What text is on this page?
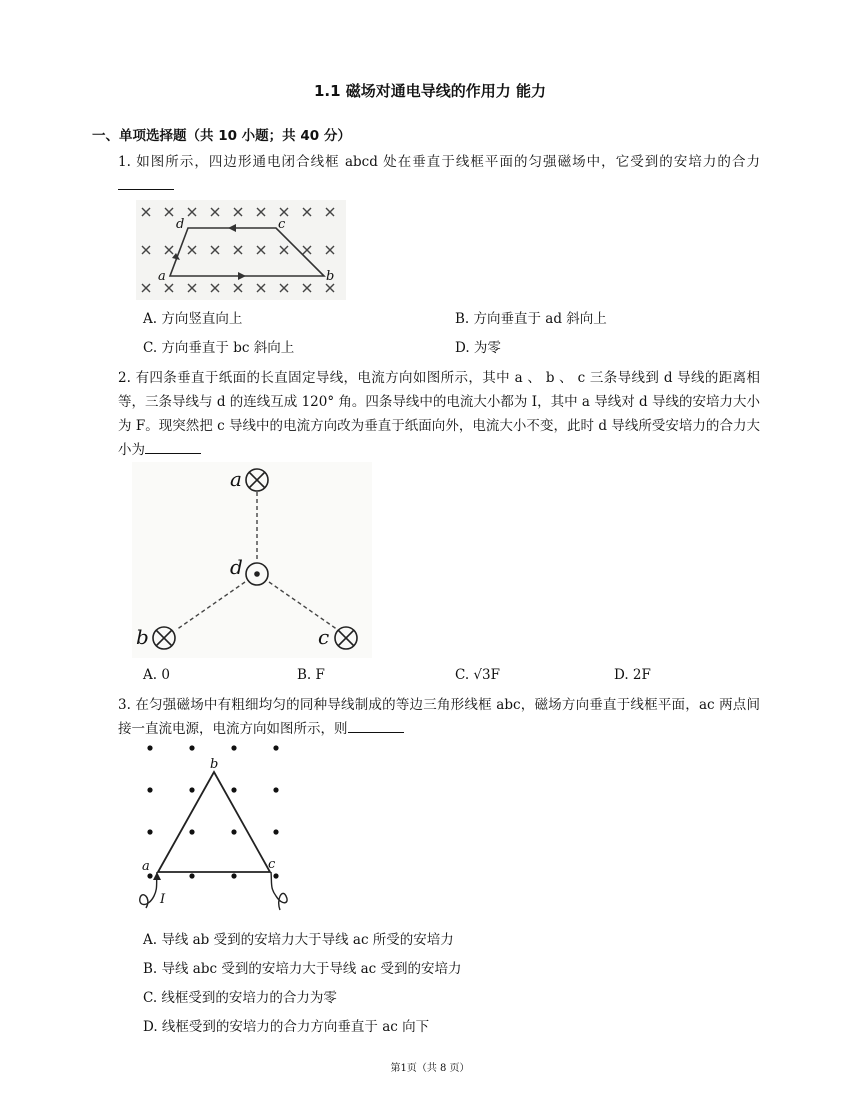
1.1 磁场对通电导线的作用力 能力
一、单项选择题（共 10 小题；共 40 分）
1. 如图所示，四边形通电闭合线框 abcd 处在垂直于线框平面的匀强磁场中，它受到的安培力的合力
a	b
c
d
A. 方向竖直向上	B. 方向垂直于 ad 斜向上
C. 方向垂直于 bc 斜向上	D. 为零
2. 有四条垂直于纸面的长直固定导线，电流方向如图所示，其中 a 、 b 、 c 三条导线到 d 导线的距离相等，三条导线与 d 的连线互成 120° 角。四条导线中的电流大小都为 I，其中 a 导线对 d 导线的安培力大小为 F。现突然把 c 导线中的电流方向改为垂直于纸面向外，电流大小不变，此时 d 导线所受安培力的合力大小为
a
d
b	c
A. 0	B. F	C. √3F	D. 2F
3. 在匀强磁场中有粗细均匀的同种导线制成的等边三角形线框 abc，磁场方向垂直于线框平面，ac 两点间接一直流电源，电流方向如图所示，则
b
a	c
I
A. 导线 ab 受到的安培力大于导线 ac 所受的安培力
B. 导线 abc 受到的安培力大于导线 ac 受到的安培力
C. 线框受到的安培力的合力为零
D. 线框受到的安培力的合力方向垂直于 ac 向下
第1页（共 8 页）
